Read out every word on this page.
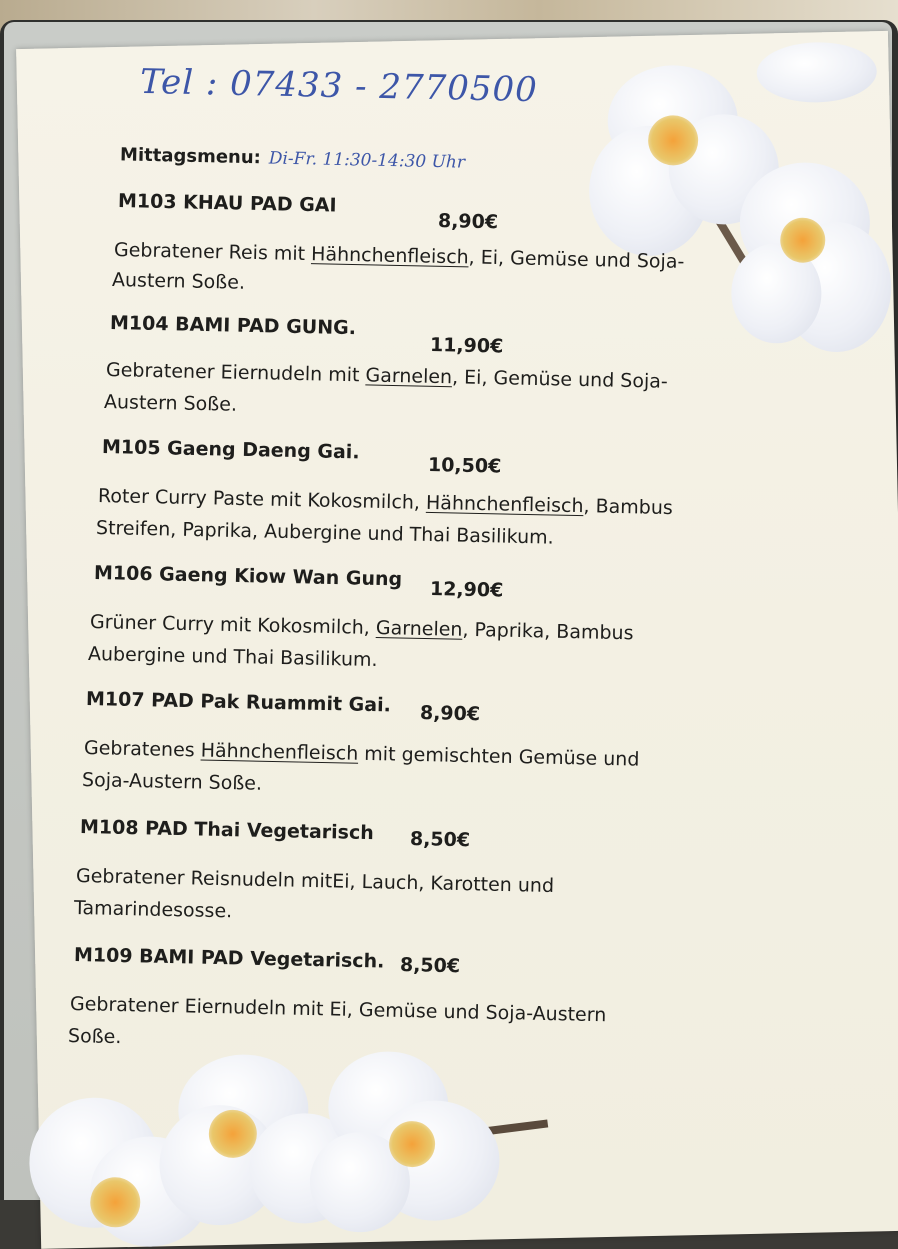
Tel : 07433 - 2770500
Mittagsmenu: Di-Fr. 11:30-14:30 Uhr
M103 KHAU PAD GAI
8,90€
Gebratener Reis mit Hähnchenfleisch, Ei, Gemüse und Soja-
Austern Soße.
M104 BAMI PAD GUNG.
11,90€
Gebratener Eiernudeln mit Garnelen, Ei, Gemüse und Soja-
Austern Soße.
M105 Gaeng Daeng Gai.
10,50€
Roter Curry Paste mit Kokosmilch, Hähnchenfleisch, Bambus
Streifen, Paprika, Aubergine und Thai Basilikum.
M106 Gaeng Kiow Wan Gung 12,90€
Grüner Curry mit Kokosmilch, Garnelen, Paprika, Bambus
Aubergine und Thai Basilikum.
M107 PAD Pak Ruammit Gai. 8,90€
Gebratenes Hähnchenfleisch mit gemischten Gemüse und
Soja-Austern Soße.
M108 PAD Thai Vegetarisch 8,50€
Gebratener Reisnudeln mitEi, Lauch, Karotten und
Tamarindesosse.
M109 BAMI PAD Vegetarisch. 8,50€
Gebratener Eiernudeln mit Ei, Gemüse und Soja-Austern
Soße.
